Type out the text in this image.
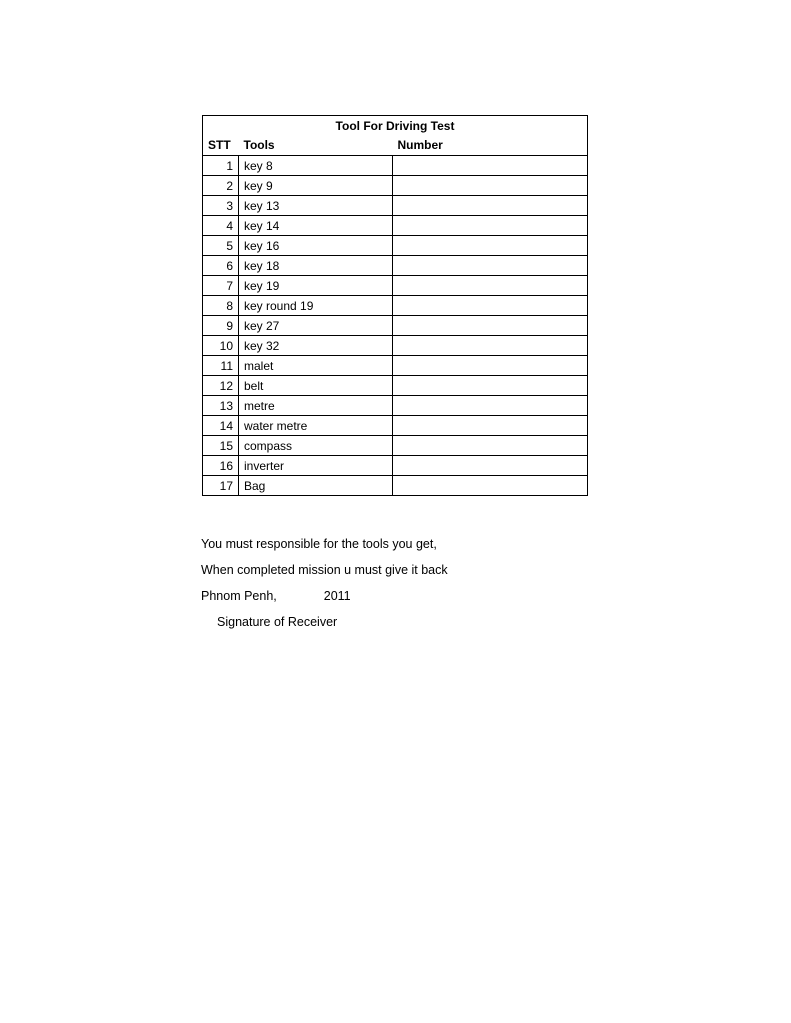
Tool For Driving Test		
STT	Tools	Number
1	key 8	
2	key 9	
3	key 13	
4	key 14	
5	key 16	
6	key 18	
7	key 19	
8	key round 19	
9	key 27	
10	key 32	
11	malet	
12	belt	
13	metre	
14	water metre	
15	compass	
16	inverter	
17	Bag	
You must responsible for the tools you get,
When completed mission u must give it back
Phnom Penh,	2011
Signature of Receiver
